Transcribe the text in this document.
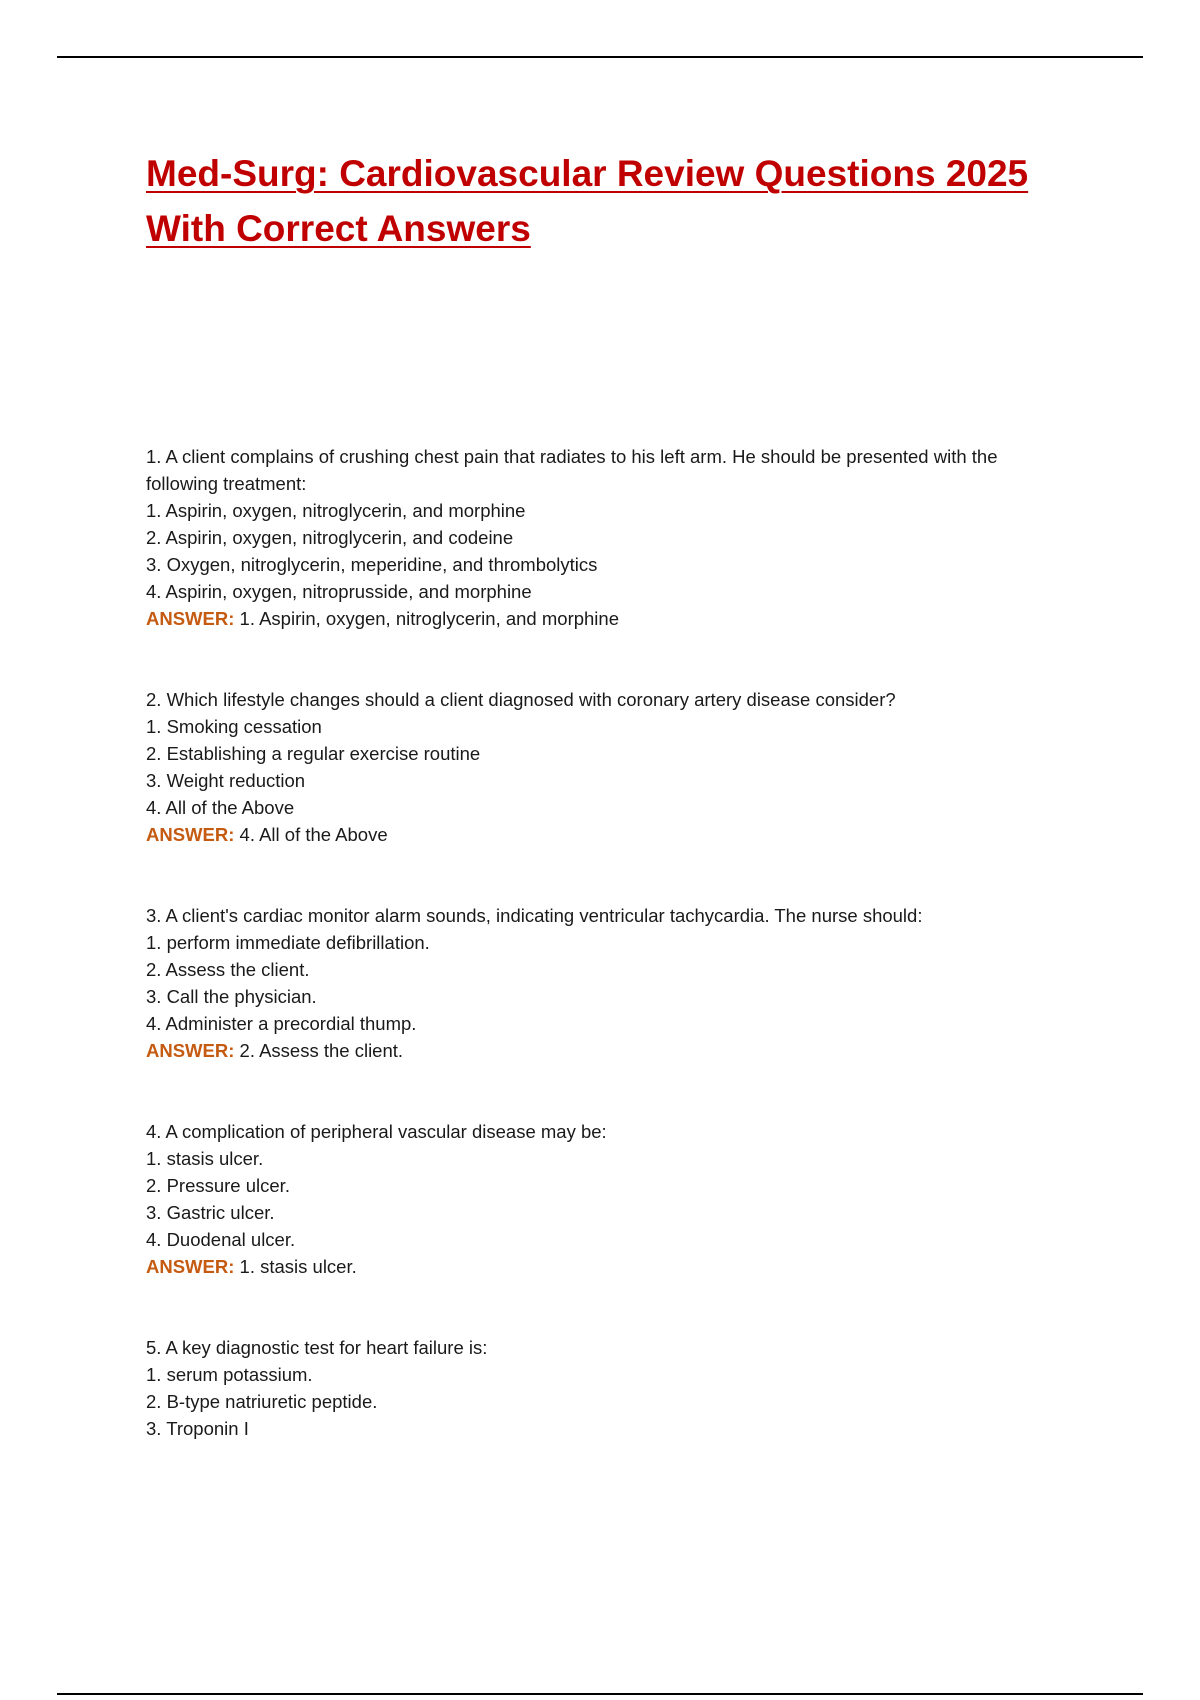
Med-Surg: Cardiovascular Review Questions 2025
With Correct Answers

1. A client complains of crushing chest pain that radiates to his left arm. He should be presented with the following treatment:

1. Aspirin, oxygen, nitroglycerin, and morphine

2. Aspirin, oxygen, nitroglycerin, and codeine

3. Oxygen, nitroglycerin, meperidine, and thrombolytics

4. Aspirin, oxygen, nitroprusside, and morphine

ANSWER: 1. Aspirin, oxygen, nitroglycerin, and morphine

2. Which lifestyle changes should a client diagnosed with coronary artery disease consider?

1. Smoking cessation

2. Establishing a regular exercise routine

3. Weight reduction

4. All of the Above

ANSWER: 4. All of the Above

3. A client's cardiac monitor alarm sounds, indicating ventricular tachycardia. The nurse should:

1. perform immediate defibrillation.

2. Assess the client.

3. Call the physician.

4. Administer a precordial thump.

ANSWER: 2. Assess the client.

4. A complication of peripheral vascular disease may be:

1. stasis ulcer.

2. Pressure ulcer.

3. Gastric ulcer.

4. Duodenal ulcer.

ANSWER: 1. stasis ulcer.

5. A key diagnostic test for heart failure is:

1. serum potassium.

2. B-type natriuretic peptide.

3. Troponin I
